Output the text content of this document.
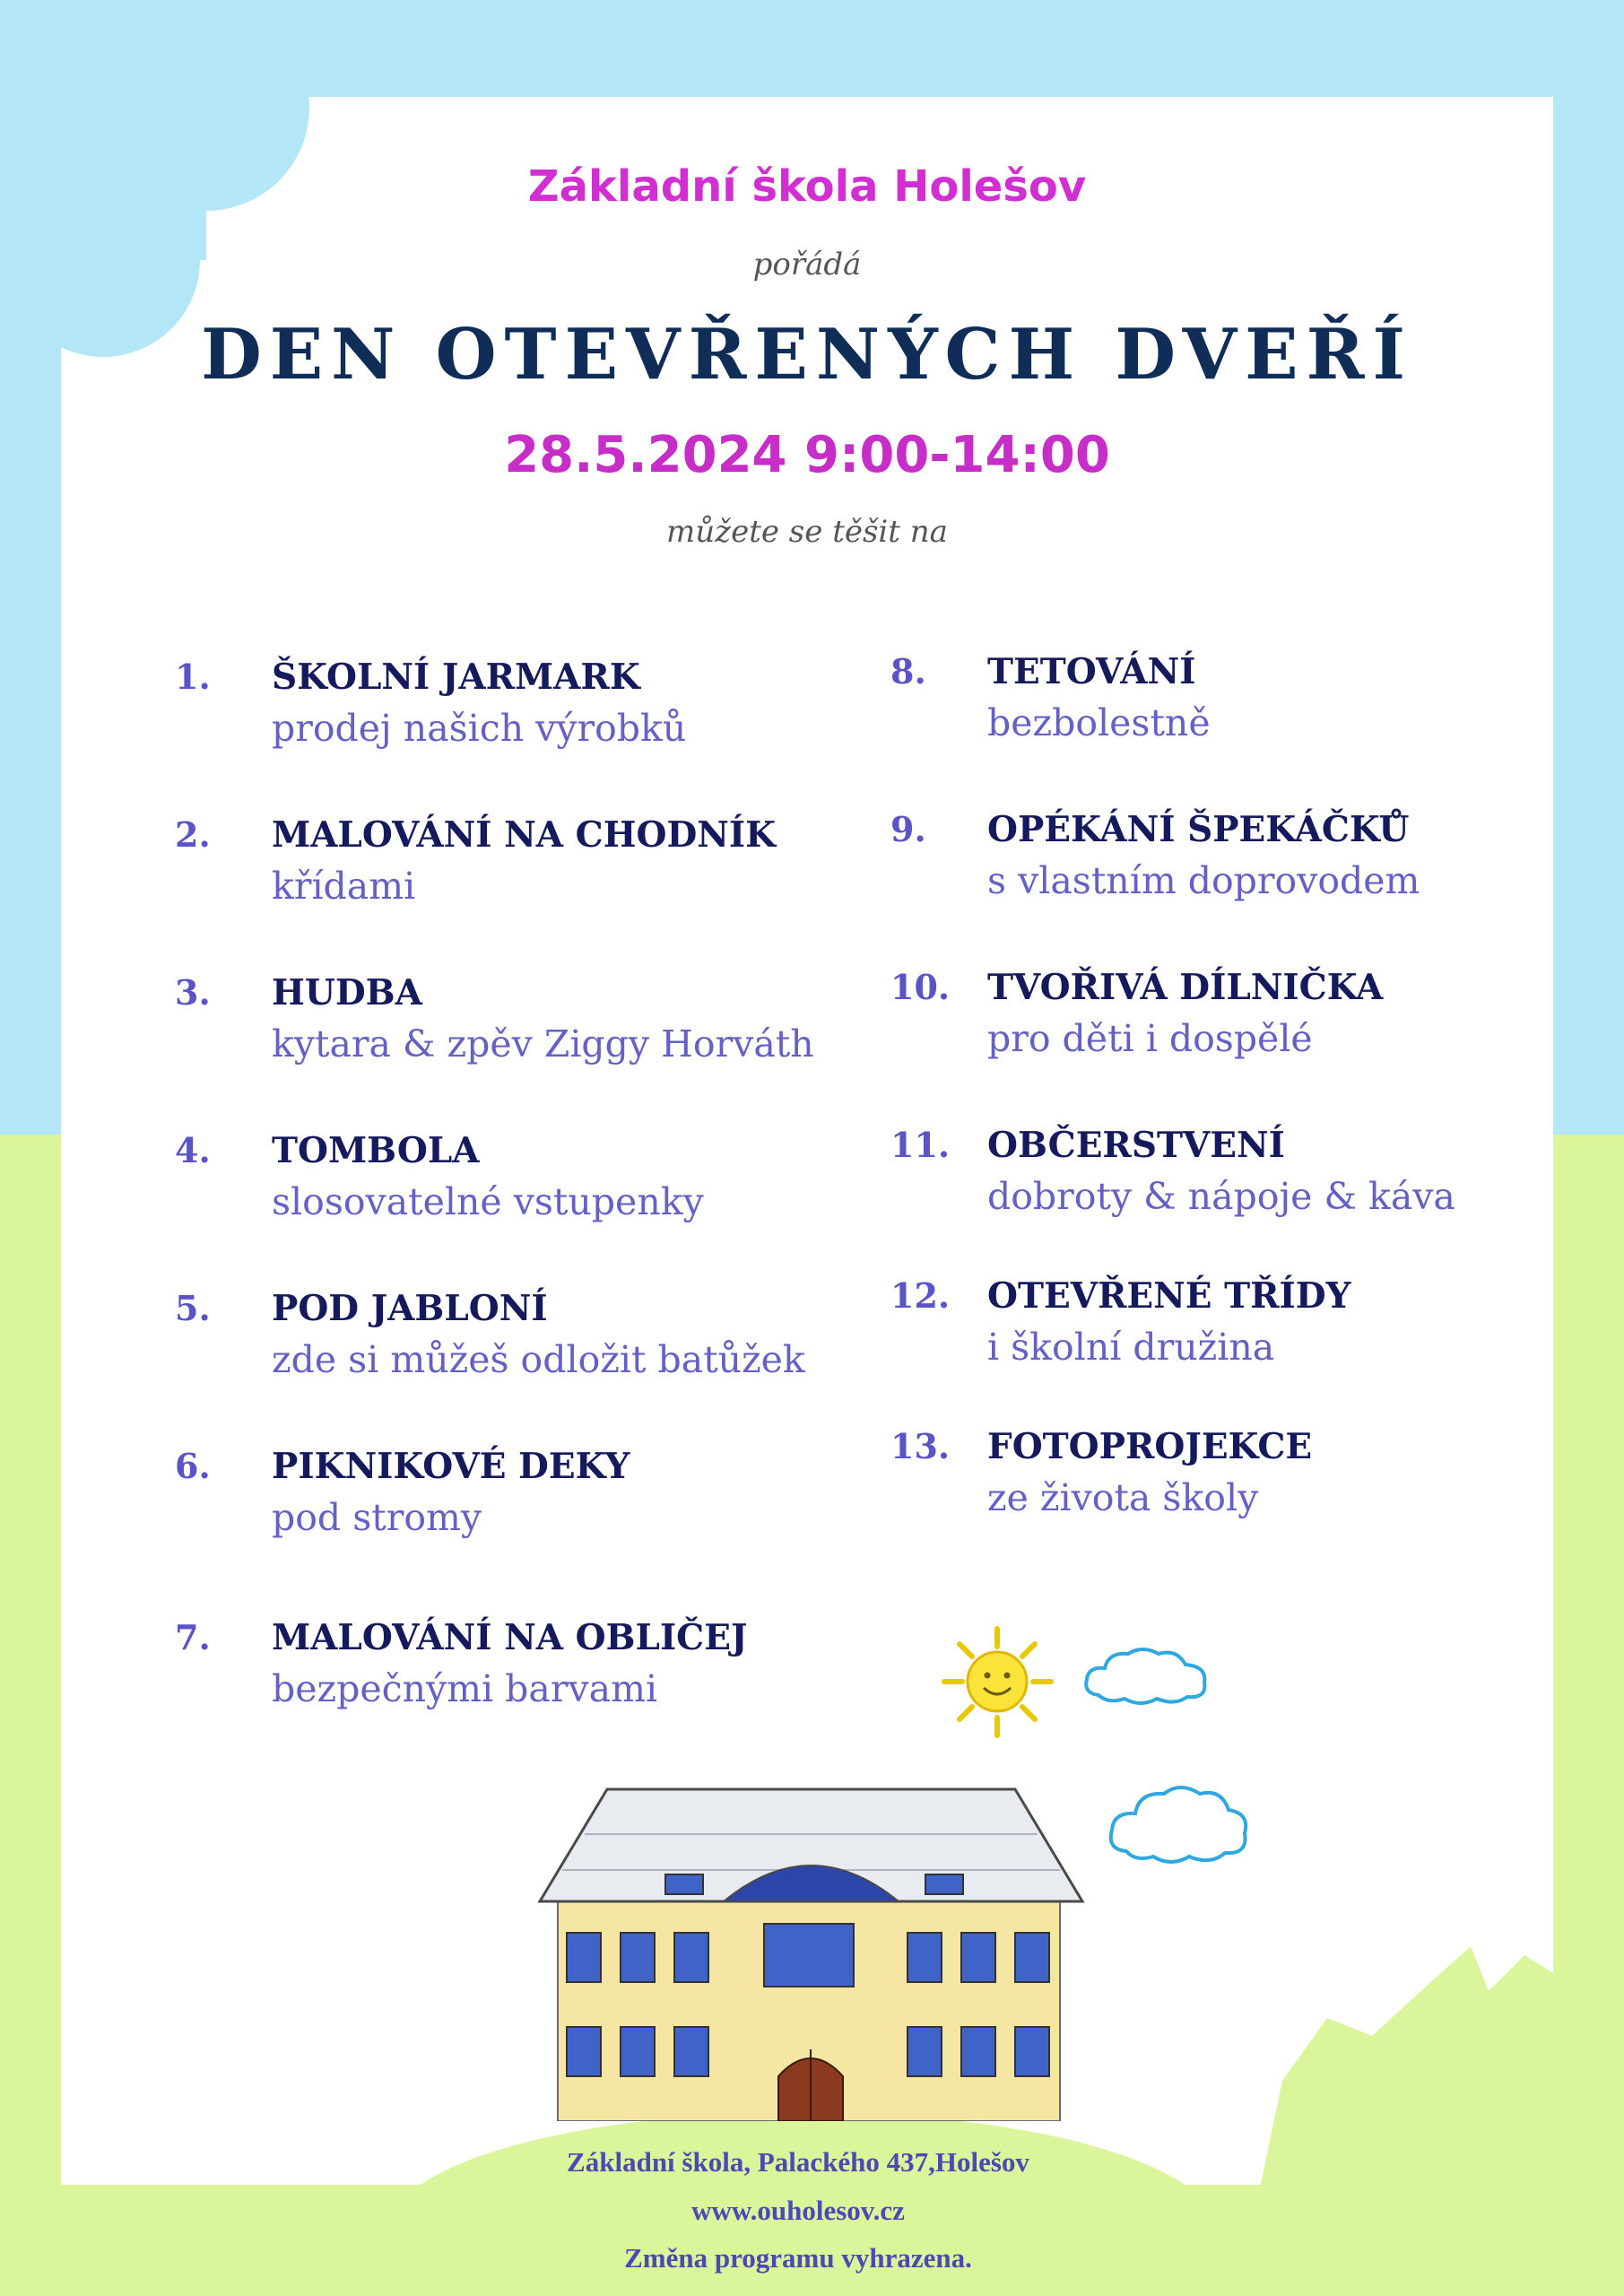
Základní škola Holešov
pořádá
DEN OTEVŘENÝCH DVEŘÍ
28.5.2024 9:00-14:00
můžete se těšit na
1. ŠKOLNÍ JARMARK
prodej našich výrobků
2. MALOVÁNÍ NA CHODNÍK
křídami
3. HUDBA
kytara & zpěv Ziggy Horváth
4. TOMBOLA
slosovatelné vstupenky
5. POD JABLONÍ
zde si můžeš odložit batůžek
6. PIKNIKOVÉ DEKY
pod stromy
7. MALOVÁNÍ NA OBLIČEJ
bezpečnými barvami
8. TETOVÁNÍ
bezbolestně
9. OPÉKÁNÍ ŠPEKÁČKŮ
s vlastním doprovodem
10. TVOŘIVÁ DÍLNIČKA
pro děti i dospělé
11. OBČERSTVENÍ
dobroty & nápoje & káva
12. OTEVŘENÉ TŘÍDY
i školní družina
13. FOTOPROJEKCE
ze života školy
Základní škola, Palackého 437,Holešov
www.ouholesov.cz
Změna programu vyhrazena.
